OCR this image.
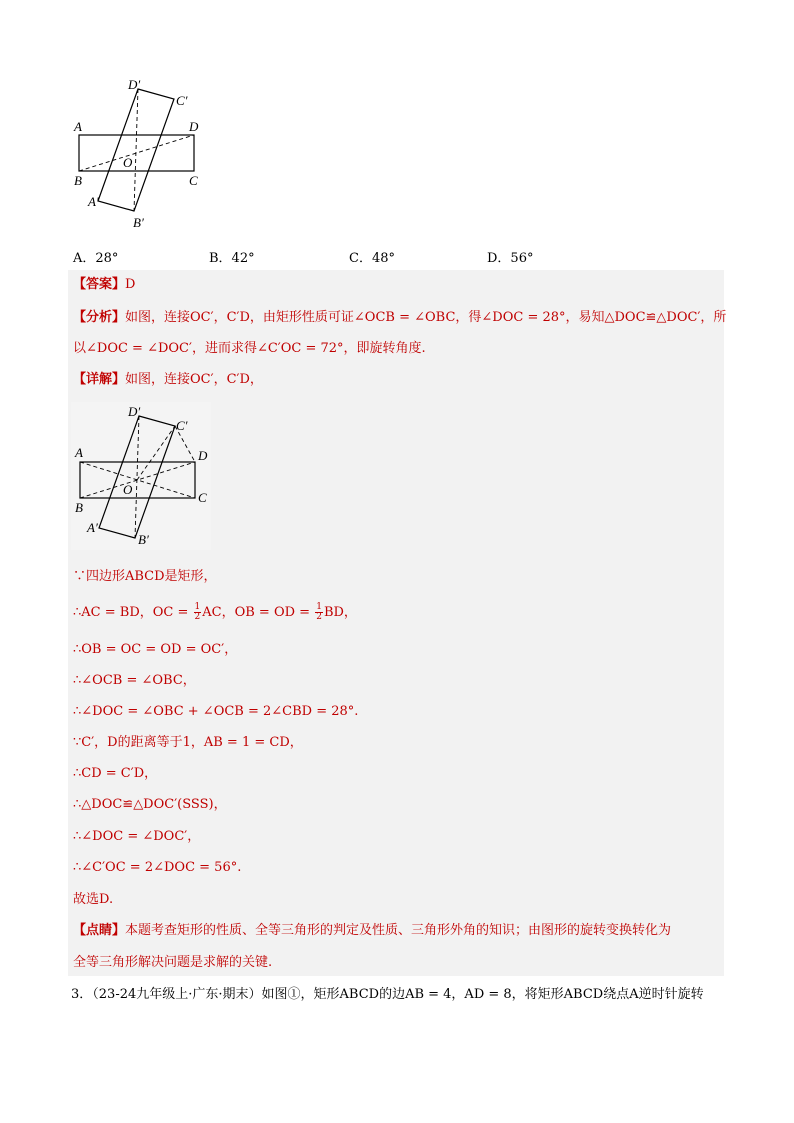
D′
C′
A	D
O
B	C
A′
B′
A．28°	B．42°	C．48°	D．56°
【答案】D
【分析】如图，连接OC′，C′D，由矩形性质可证∠OCB = ∠OBC，得∠DOC = 28°，易知△DOC≌△DOC′，所
以∠DOC = ∠DOC′，进而求得∠C′OC = 72°，即旋转角度.
【详解】如图，连接OC′，C′D，
D′
C′
A	D
O
B
C
A′
B′
∵四边形ABCD是矩形，
∴AC = BD，OC = $\frac{1}{2}$ AC，OB = OD = $\frac{1}{2}$ BD，
∴OB = OC = OD = OC′，
∴∠OCB = ∠OBC，
∴∠DOC = ∠OBC + ∠OCB = 2∠CBD = 28°.
∵C′，D的距离等于1，AB = 1 = CD，
∴CD = C′D，
∴△DOC≌△DOC′(SSS)，
∴∠DOC = ∠DOC′，
∴∠C′OC = 2∠DOC = 56°.
故选D.
【点睛】本题考查矩形的性质、全等三角形的判定及性质、三角形外角的知识；由图形的旋转变换转化为
全等三角形解决问题是求解的关键.
3．（23-24九年级上·广东·期末）如图①，矩形ABCD的边AB = 4，AD = 8，将矩形ABCD绕点A逆时针旋转
